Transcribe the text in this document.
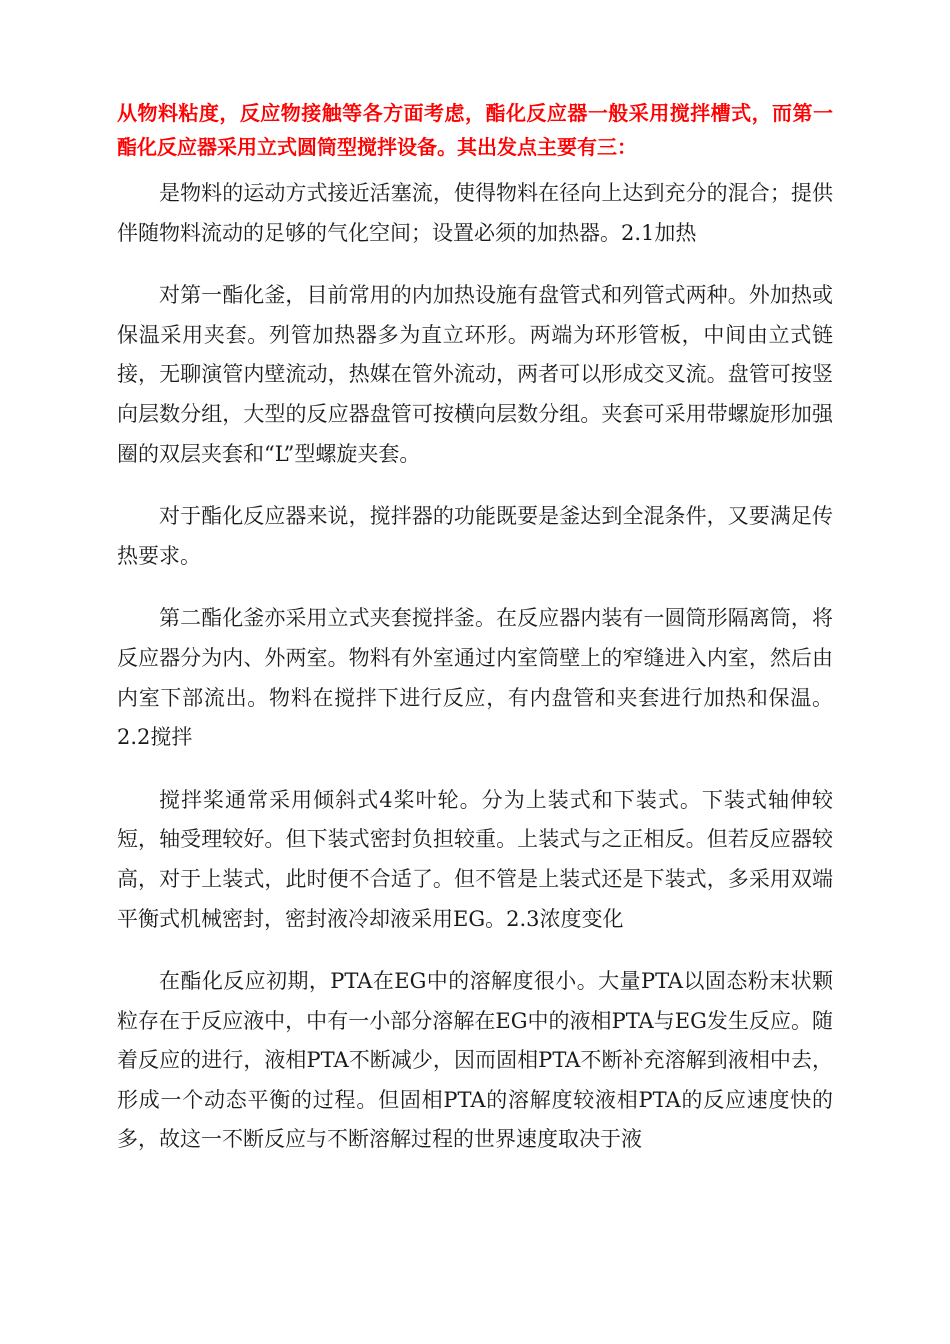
从物料粘度，反应物接触等各方面考虑，酯化反应器一般采用搅拌槽式，而第一酯化反应器采用立式圆筒型搅拌设备。其出发点主要有三：

是物料的运动方式接近活塞流，使得物料在径向上达到充分的混合；提供伴随物料流动的足够的气化空间；设置必须的加热器。2.1加热

对第一酯化釜，目前常用的内加热设施有盘管式和列管式两种。外加热或保温采用夹套。列管加热器多为直立环形。两端为环形管板，中间由立式链接，无聊演管内壁流动，热媒在管外流动，两者可以形成交叉流。盘管可按竖向层数分组，大型的反应器盘管可按横向层数分组。夹套可采用带螺旋形加强圈的双层夹套和“L”型螺旋夹套。

对于酯化反应器来说，搅拌器的功能既要是釜达到全混条件，又要满足传热要求。

第二酯化釜亦采用立式夹套搅拌釜。在反应器内装有一圆筒形隔离筒，将反应器分为内、外两室。物料有外室通过内室筒壁上的窄缝进入内室，然后由内室下部流出。物料在搅拌下进行反应，有内盘管和夹套进行加热和保温。2.2搅拌

搅拌桨通常采用倾斜式4桨叶轮。分为上装式和下装式。下装式轴伸较短，轴受理较好。但下装式密封负担较重。上装式与之正相反。但若反应器较高，对于上装式，此时便不合适了。但不管是上装式还是下装式，多采用双端平衡式机械密封，密封液冷却液采用EG。2.3浓度变化

在酯化反应初期，PTA在EG中的溶解度很小。大量PTA以固态粉末状颗粒存在于反应液中，中有一小部分溶解在EG中的液相PTA与EG发生反应。随着反应的进行，液相PTA不断减少，因而固相PTA不断补充溶解到液相中去，形成一个动态平衡的过程。但固相PTA的溶解度较液相PTA的反应速度快的多，故这一不断反应与不断溶解过程的世界速度取决于液
